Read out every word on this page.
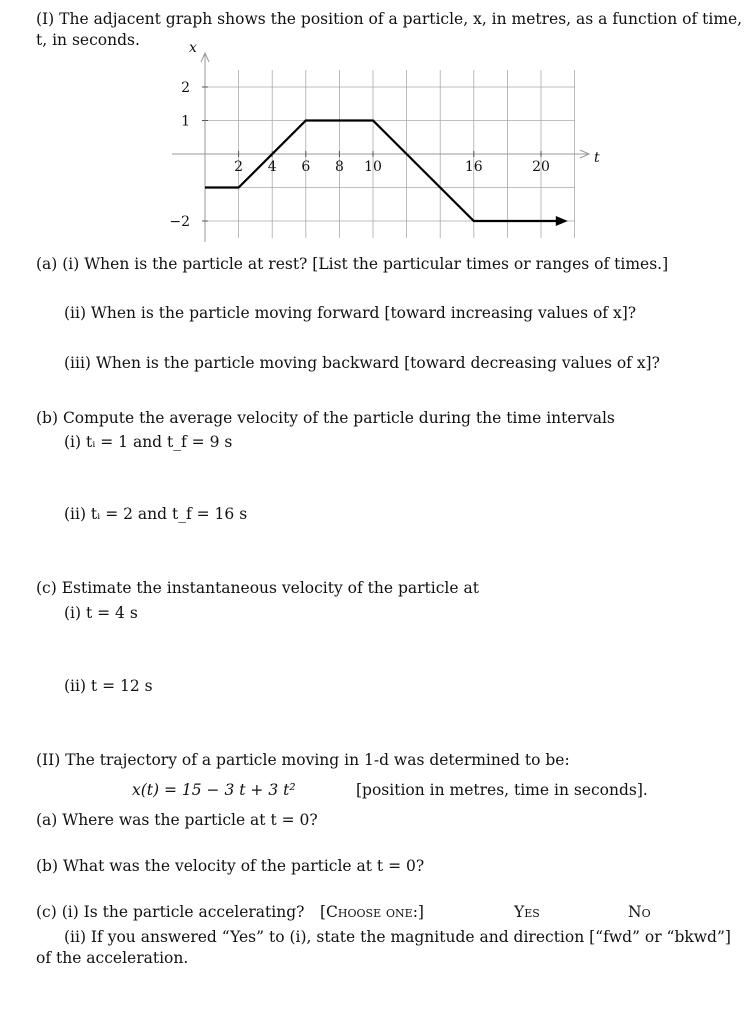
(I) The adjacent graph shows the position of a particle, x, in metres, as a function of time,
t, in seconds.
t
x
2 4 6 8 10	16	20
2
1
−2
(a) (i) When is the particle at rest? [List the particular times or ranges of times.]
(ii) When is the particle moving forward [toward increasing values of x]?
(iii) When is the particle moving backward [toward decreasing values of x]?
(b) Compute the average velocity of the particle during the time intervals
(i) tᵢ = 1 and t_f = 9 s
(ii) tᵢ = 2 and t_f = 16 s
(c) Estimate the instantaneous velocity of the particle at
(i) t = 4 s
(ii) t = 12 s
(II) The trajectory of a particle moving in 1-d was determined to be:
x(t) = 15 − 3 t + 3 t²	[position in metres, time in seconds].
(a) Where was the particle at t = 0?
(b) What was the velocity of the particle at t = 0?
(c) (i) Is the particle accelerating? [Choose one:]	Yes	No
(ii) If you answered “Yes” to (i), state the magnitude and direction [“fwd” or “bkwd”]
of the acceleration.
